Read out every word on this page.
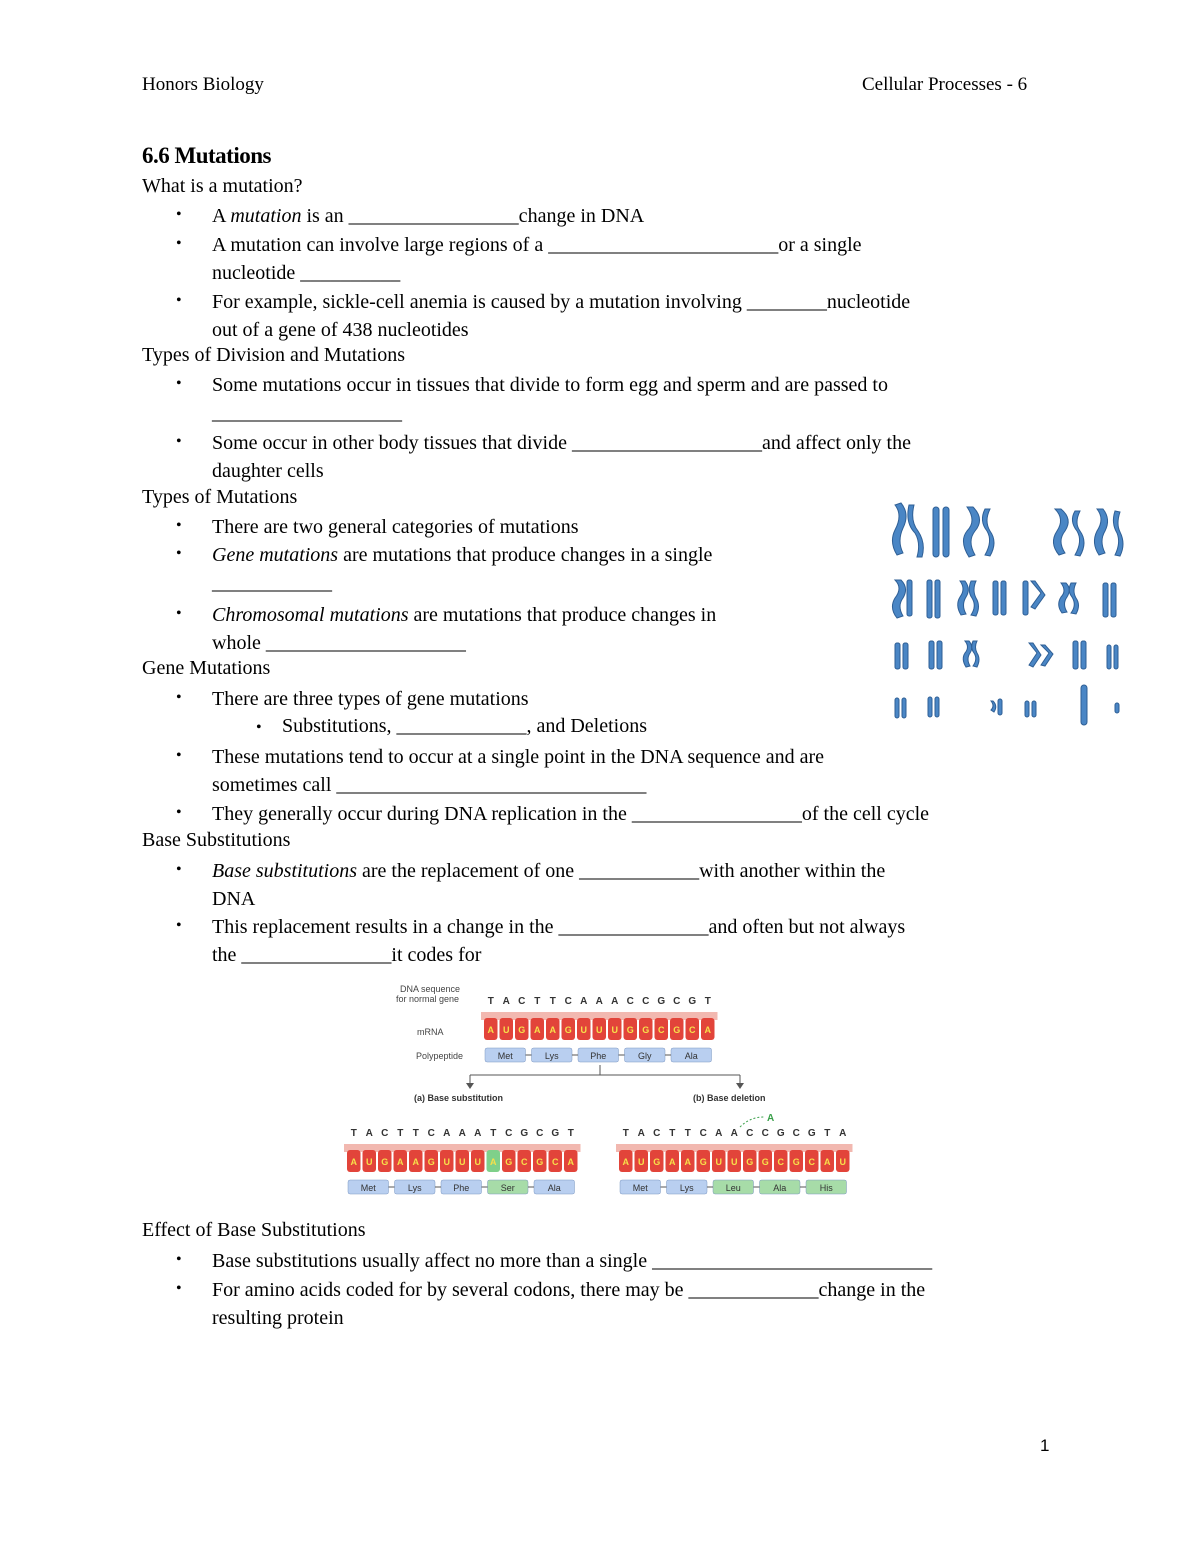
Honors Biology	Cellular Processes - 6
6.6 Mutations
What is a mutation?
• A mutation is an _________________change in DNA
• A mutation can involve large regions of a _______________________or a single
nucleotide __________
• For example, sickle-cell anemia is caused by a mutation involving ________nucleotide
out of a gene of 438 nucleotides
Types of Division and Mutations
• Some mutations occur in tissues that divide to form egg and sperm and are passed to
___________________
• Some occur in other body tissues that divide ___________________and affect only the
daughter cells
Types of Mutations
• There are two general categories of mutations
• Gene mutations are mutations that produce changes in a single
____________
• Chromosomal mutations are mutations that produce changes in
whole ____________________
Gene Mutations
• There are three types of gene mutations
• Substitutions, _____________, and Deletions
• These mutations tend to occur at a single point in the DNA sequence and are
sometimes call _______________________________
• They generally occur during DNA replication in the _________________of the cell cycle
Base Substitutions
• Base substitutions are the replacement of one ____________with another within the
DNA
• This replacement results in a change in the _______________and often but not always
the _______________it codes for
DNA sequence
for normal gene
mRNA
Polypeptide
T A C T T C A A A C C G C G T
A U G A A G U U U G G C G C A
Met	Lys	Phe	Gly	Ala
(a) Base substitution	(b) Base deletion
A
T A C T T C A A A T C G C G T
A U G A A G U U U A G C G C A
Met	Lys	Phe	Ser	Ala
T A C T T C A A C C G C G T A
A U G A A G U U G G C G C A U
Met	Lys	Leu	Ala	His
Effect of Base Substitutions
• Base substitutions usually affect no more than a single ____________________________
• For amino acids coded for by several codons, there may be _____________change in the
resulting protein
1
